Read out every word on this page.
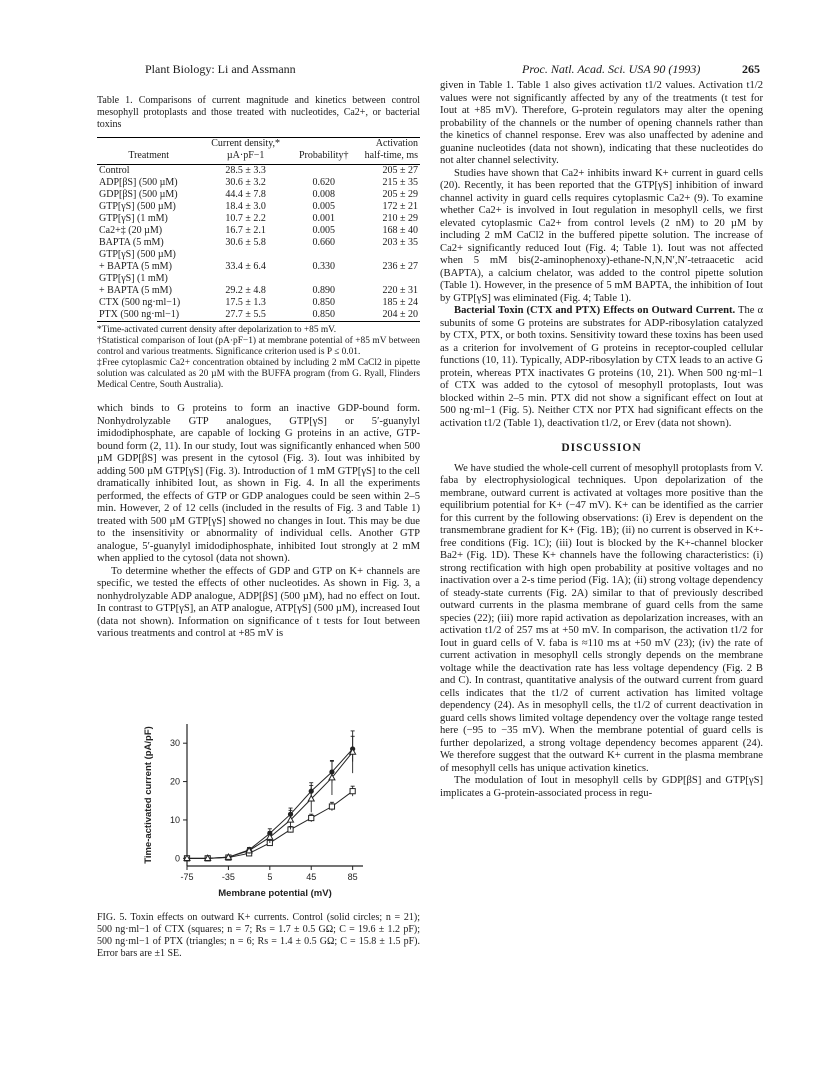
Plant Biology: Li and Assmann	Proc. Natl. Acad. Sci. USA 90 (1993)	265
Table 1. Comparisons of current magnitude and kinetics between control mesophyll protoplasts and those treated with nucleotides, Ca2+, or bacterial toxins
Treatment	Current density,* µA·pF−1	Probability†	Activation half-time, ms
Control	28.5 ± 3.3		205 ± 27
ADP[βS] (500 µM)	30.6 ± 3.2	0.620	215 ± 35
GDP[βS] (500 µM)	44.4 ± 7.8	0.008	205 ± 29
GTP[γS] (500 µM)	18.4 ± 3.0	0.005	172 ± 21
GTP[γS] (1 mM)	10.7 ± 2.2	0.001	210 ± 29
Ca2+‡ (20 µM)	16.7 ± 2.1	0.005	168 ± 40
BAPTA (5 mM)	30.6 ± 5.8	0.660	203 ± 35
GTP[γS] (500 µM)			
+ BAPTA (5 mM)	33.4 ± 6.4	0.330	236 ± 27
GTP[γS] (1 mM)			
+ BAPTA (5 mM)	29.2 ± 4.8	0.890	220 ± 31
CTX (500 ng·ml−1)	17.5 ± 1.3	0.850	185 ± 24
PTX (500 ng·ml−1)	27.7 ± 5.5	0.850	204 ± 20
*Time-activated current density after depolarization to +85 mV.
†Statistical comparison of Iout (pA·pF−1) at membrane potential of +85 mV between control and various treatments. Significance criterion used is P ≤ 0.01.
‡Free cytoplasmic Ca2+ concentration obtained by including 2 mM CaCl2 in pipette solution was calculated as 20 µM with the BUFFA program (from G. Ryall, Flinders Medical Centre, South Australia).

which binds to G proteins to form an inactive GDP-bound form. Nonhydrolyzable GTP analogues, GTP[γS] or 5′-guanylyl imidodiphosphate, are capable of locking G proteins in an active, GTP-bound form (2, 11). In our study, Iout was significantly enhanced when 500 µM GDP[βS] was present in the cytosol (Fig. 3). Iout was inhibited by adding 500 µM GTP[γS] (Fig. 3). Introduction of 1 mM GTP[γS] to the cell dramatically inhibited Iout, as shown in Fig. 4. In all the experiments performed, the effects of GTP or GDP analogues could be seen within 2–5 min. However, 2 of 12 cells (included in the results of Fig. 3 and Table 1) treated with 500 µM GTP[γS] showed no changes in Iout. This may be due to the insensitivity or abnormality of individual cells. Another GTP analogue, 5′-guanylyl imidodiphosphate, inhibited Iout strongly at 2 mM when applied to the cytosol (data not shown).

To determine whether the effects of GDP and GTP on K+ channels are specific, we tested the effects of other nucleotides. As shown in Fig. 3, a nonhydrolyzable ADP analogue, ADP[βS] (500 µM), had no effect on Iout. In contrast to GTP[γS], an ATP analogue, ATP[γS] (500 µM), increased Iout (data not shown). Information on significance of t tests for Iout between various treatments and control at +85 mV is

-75	-35	5	45	85
0
10
20
30
Membrane potential (mV)
Time-activated current (pA/pF)
FIG. 5. Toxin effects on outward K+ currents. Control (solid circles; n = 21); 500 ng·ml−1 of CTX (squares; n = 7; Rs = 1.7 ± 0.5 GΩ; C = 19.6 ± 1.2 pF); 500 ng·ml−1 of PTX (triangles; n = 6; Rs = 1.4 ± 0.5 GΩ; C = 15.8 ± 1.5 pF). Error bars are ±1 SE.

given in Table 1. Table 1 also gives activation t1/2 values. Activation t1/2 values were not significantly affected by any of the treatments (t test for Iout at +85 mV). Therefore, G-protein regulators may alter the opening probability of the channels or the number of opening channels rather than the kinetics of channel response. Erev was also unaffected by adenine and guanine nucleotides (data not shown), indicating that these nucleotides do not alter channel selectivity.

Studies have shown that Ca2+ inhibits inward K+ current in guard cells (20). Recently, it has been reported that the GTP[γS] inhibition of inward channel activity in guard cells requires cytoplasmic Ca2+ (9). To examine whether Ca2+ is involved in Iout regulation in mesophyll cells, we first elevated cytoplasmic Ca2+ from control levels (2 nM) to 20 µM by including 2 mM CaCl2 in the buffered pipette solution. The increase of Ca2+ significantly reduced Iout (Fig. 4; Table 1). Iout was not affected when 5 mM bis(2-aminophenoxy)-ethane-N,N,N′,N′-tetraacetic acid (BAPTA), a calcium chelator, was added to the control pipette solution (Table 1). However, in the presence of 5 mM BAPTA, the inhibition of Iout by GTP[γS] was eliminated (Fig. 4; Table 1).

Bacterial Toxin (CTX and PTX) Effects on Outward Current. The α subunits of some G proteins are substrates for ADP-ribosylation catalyzed by CTX, PTX, or both toxins. Sensitivity toward these toxins has been used as a criterion for involvement of G proteins in receptor-coupled cellular functions (10, 11). Typically, ADP-ribosylation by CTX leads to an active G protein, whereas PTX inactivates G proteins (10, 21). When 500 ng·ml−1 of CTX was added to the cytosol of mesophyll protoplasts, Iout was blocked within 2–5 min. PTX did not show a significant effect on Iout at 500 ng·ml−1 (Fig. 5). Neither CTX nor PTX had significant effects on the activation t1/2 (Table 1), deactivation t1/2, or Erev (data not shown).

DISCUSSION

We have studied the whole-cell current of mesophyll protoplasts from V. faba by electrophysiological techniques. Upon depolarization of the membrane, outward current is activated at voltages more positive than the equilibrium potential for K+ (−47 mV). K+ can be identified as the carrier for this current by the following observations: (i) Erev is dependent on the transmembrane gradient for K+ (Fig. 1B); (ii) no current is observed in K+-free conditions (Fig. 1C); (iii) Iout is blocked by the K+-channel blocker Ba2+ (Fig. 1D). These K+ channels have the following characteristics: (i) strong rectification with high open probability at positive voltages and no inactivation over a 2-s time period (Fig. 1A); (ii) strong voltage dependency of steady-state currents (Fig. 2A) similar to that of previously described outward currents in the plasma membrane of guard cells from the same species (22); (iii) more rapid activation as depolarization increases, with an activation t1/2 of 257 ms at +50 mV. In comparison, the activation t1/2 for Iout in guard cells of V. faba is ≈110 ms at +50 mV (23); (iv) the rate of current activation in mesophyll cells strongly depends on the membrane voltage while the deactivation rate has less voltage dependency (Fig. 2 B and C). In contrast, quantitative analysis of the outward current from guard cells indicates that the t1/2 of current activation has limited voltage dependency (24). As in mesophyll cells, the t1/2 of current deactivation in guard cells shows limited voltage dependency over the voltage range tested here (−95 to −35 mV). When the membrane potential of guard cells is further depolarized, a strong voltage dependency becomes apparent (24). We therefore suggest that the outward K+ current in the plasma membrane of mesophyll cells has unique activation kinetics.

The modulation of Iout in mesophyll cells by GDP[βS] and GTP[γS] implicates a G-protein-associated process in regu-
